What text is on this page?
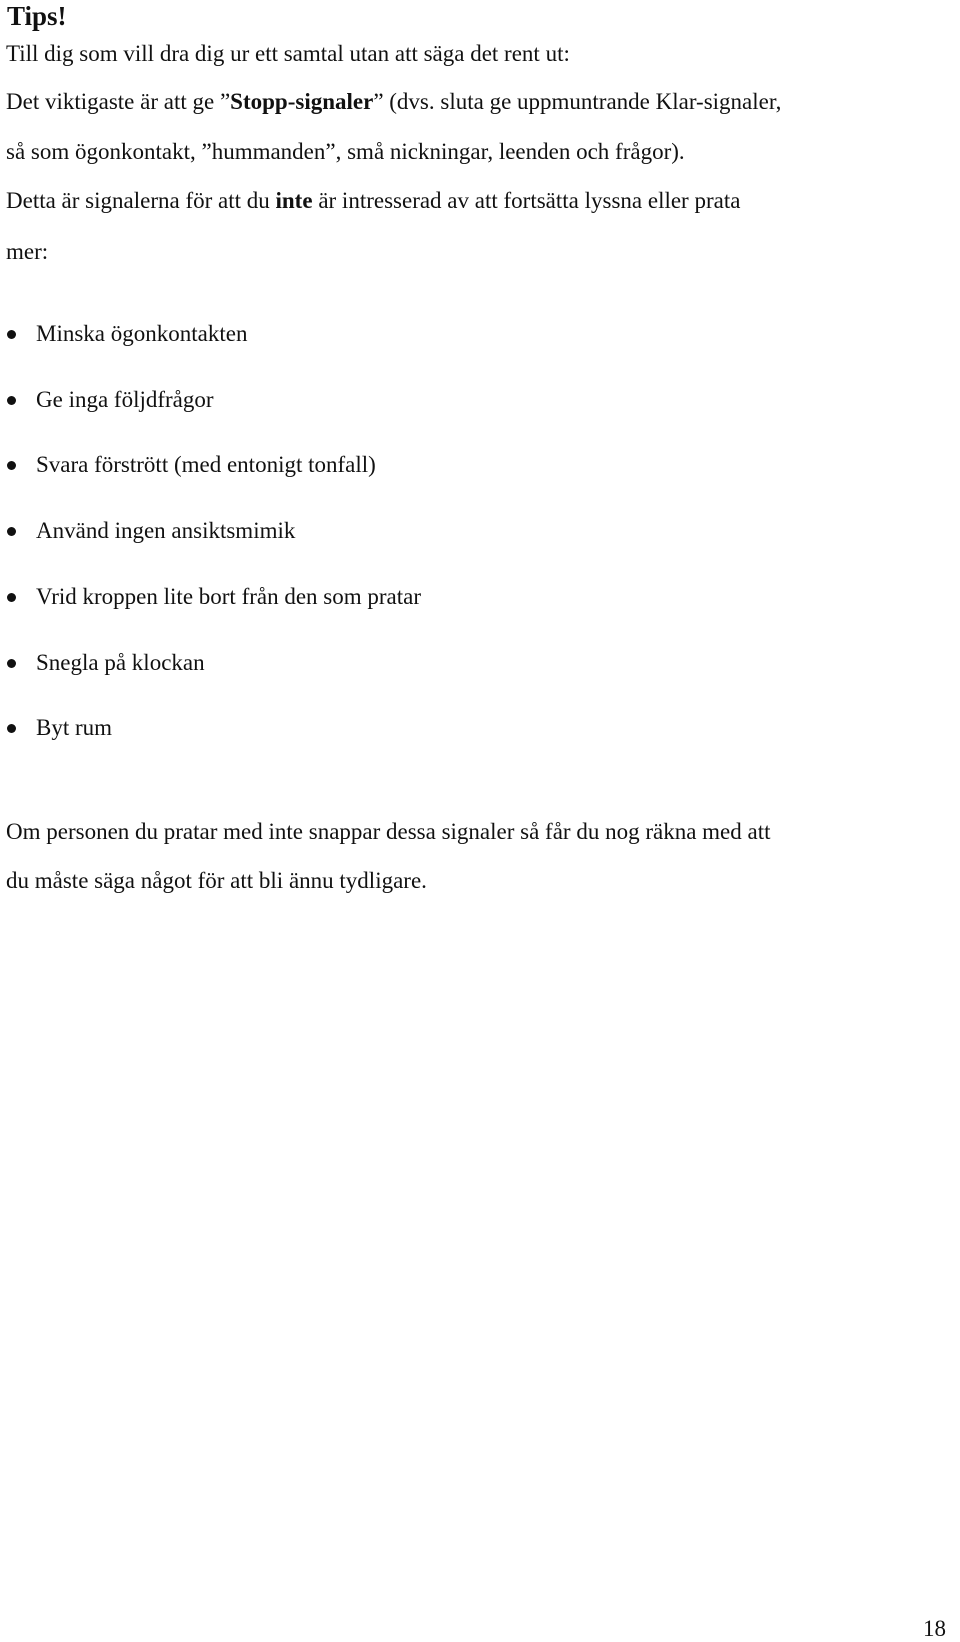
Tips!

Till dig som vill dra dig ur ett samtal utan att säga det rent ut:

Det viktigaste är att ge ”Stopp-signaler” (dvs. sluta ge uppmuntrande Klar-signaler,

så som ögonkontakt, ”hummanden”, små nickningar, leenden och frågor).

Detta är signalerna för att du inte är intresserad av att fortsätta lyssna eller prata

mer:

Minska ögonkontakten
Ge inga följdfrågor
Svara förstrött (med entonigt tonfall)
Använd ingen ansiktsmimik
Vrid kroppen lite bort från den som pratar
Snegla på klockan
Byt rum

Om personen du pratar med inte snappar dessa signaler så får du nog räkna med att

du måste säga något för att bli ännu tydligare.

18
